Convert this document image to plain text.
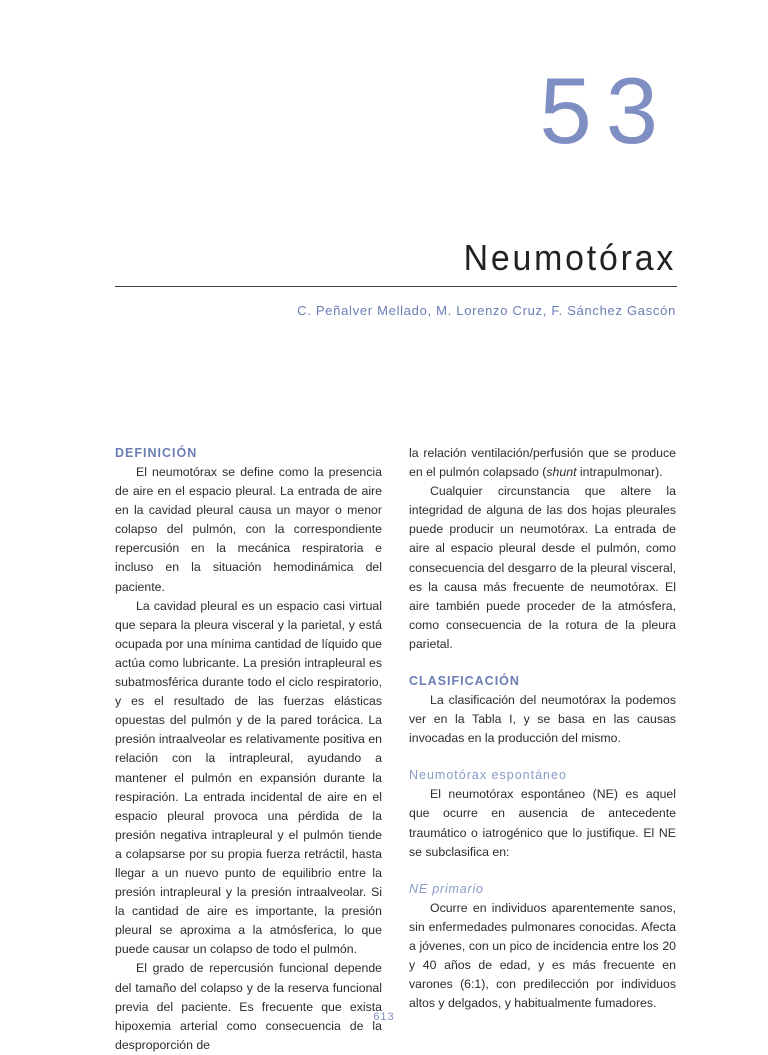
53
Neumotórax
C. Peñalver Mellado, M. Lorenzo Cruz, F. Sánchez Gascón
DEFINICIÓN

El neumotórax se define como la presencia de aire en el espacio pleural. La entrada de aire en la cavidad pleural causa un mayor o menor colapso del pulmón, con la correspondiente repercusión en la mecánica respiratoria e incluso en la situación hemodinámica del paciente.

La cavidad pleural es un espacio casi virtual que separa la pleura visceral y la parietal, y está ocupada por una mínima cantidad de líquido que actúa como lubricante. La presión intrapleural es subatmosférica durante todo el ciclo respiratorio, y es el resultado de las fuerzas elásticas opuestas del pulmón y de la pared torácica. La presión intraalveolar es relativamente positiva en relación con la intrapleural, ayudando a mantener el pulmón en expansión durante la respiración. La entrada incidental de aire en el espacio pleural provoca una pérdida de la presión negativa intrapleural y el pulmón tiende a colapsarse por su propia fuerza retráctil, hasta llegar a un nuevo punto de equilibrio entre la presión intrapleural y la presión intraalveolar. Si la cantidad de aire es importante, la presión pleural se aproxima a la atmósferica, lo que puede causar un colapso de todo el pulmón.

El grado de repercusión funcional depende del tamaño del colapso y de la reserva funcional previa del paciente. Es frecuente que exista hipoxemia arterial como consecuencia de la desproporción de

la relación ventilación/perfusión que se produce en el pulmón colapsado (shunt intrapulmonar).

Cualquier circunstancia que altere la integridad de alguna de las dos hojas pleurales puede producir un neumotórax. La entrada de aire al espacio pleural desde el pulmón, como consecuencia del desgarro de la pleural visceral, es la causa más frecuente de neumotórax. El aire también puede proceder de la atmósfera, como consecuencia de la rotura de la pleura parietal.

CLASIFICACIÓN

La clasificación del neumotórax la podemos ver en la Tabla I, y se basa en las causas invocadas en la producción del mismo.

Neumotórax espontáneo

El neumotórax espontáneo (NE) es aquel que ocurre en ausencia de antecedente traumático o iatrogénico que lo justifique. El NE se subclasifica en:

NE primario

Ocurre en individuos aparentemente sanos, sin enfermedades pulmonares conocidas. Afecta a jóvenes, con un pico de incidencia entre los 20 y 40 años de edad, y es más frecuente en varones (6:1), con predilección por individuos altos y delgados, y habitualmente fumadores.

613
